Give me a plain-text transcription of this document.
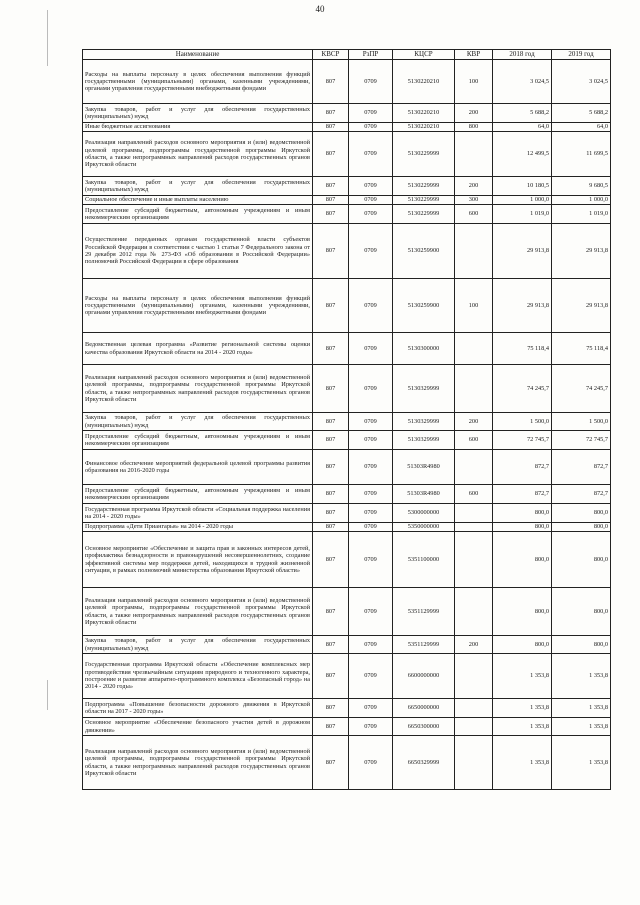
40
Наименование	КВСР	РзПР	КЦСР	КВР	2018 год	2019 год
Расходы на выплаты персоналу в целях обеспечения выполнения функций государственными (муниципальными) органами, казенными учреждениями, органами управления государственными внебюджетными фондами	807	0709	5130220210	100	3 024,5	3 024,5
Закупка товаров, работ и услуг для обеспечения государственных (муниципальных) нужд	807	0709	5130220210	200	5 688,2	5 688,2
Иные бюджетные ассигнования	807	0709	5130220210	800	64,0	64,0
Реализация направлений расходов основного мероприятия и (или) ведомственной целевой программы, подпрограммы государственной программы Иркутской области, а также непрограммных направлений расходов государственных органов Иркутской области	807	0709	5130229999		12 499,5	11 699,5
Закупка товаров, работ и услуг для обеспечения государственных (муниципальных) нужд	807	0709	5130229999	200	10 180,5	9 680,5
Социальное обеспечение и иные выплаты населению	807	0709	5130229999	300	1 000,0	1 000,0
Предоставление субсидий бюджетным, автономным учреждениям и иным некоммерческим организациям	807	0709	5130229999	600	1 019,0	1 019,0
Осуществление переданных органам государственной власти субъектов Российской Федерации в соответствии с частью 1 статьи 7 Федерального закона от 29 декабря 2012 года № 273-ФЗ «Об образовании в Российской Федерации» полномочий Российской Федерации в сфере образования	807	0709	5130259900		29 913,8	29 913,8
Расходы на выплаты персоналу в целях обеспечения выполнения функций государственными (муниципальными) органами, казенными учреждениями, органами управления государственными внебюджетными фондами	807	0709	5130259900	100	29 913,8	29 913,8
Ведомственная целевая программа «Развитие региональной системы оценки качества образования Иркутской области на 2014 - 2020 годы»	807	0709	5130300000		75 118,4	75 118,4
Реализация направлений расходов основного мероприятия и (или) ведомственной целевой программы, подпрограммы государственной программы Иркутской области, а также непрограммных направлений расходов государственных органов Иркутской области	807	0709	5130329999		74 245,7	74 245,7
Закупка товаров, работ и услуг для обеспечения государственных (муниципальных) нужд	807	0709	5130329999	200	1 500,0	1 500,0
Предоставление субсидий бюджетным, автономным учреждениям и иным некоммерческим организациям	807	0709	5130329999	600	72 745,7	72 745,7
Финансовое обеспечение мероприятий федеральной целевой программы развития образования на 2016-2020 годы	807	0709	51303R4980		872,7	872,7
Предоставление субсидий бюджетным, автономным учреждениям и иным некоммерческим организациям	807	0709	51303R4980	600	872,7	872,7
Государственная программа Иркутской области «Социальная поддержка населения на 2014 - 2020 годы»	807	0709	5300000000		800,0	800,0
Подпрограмма «Дети Приангарья» на 2014 - 2020 годы	807	0709	5350000000		800,0	800,0
Основное мероприятие «Обеспечение и защита прав и законных интересов детей, профилактика безнадзорности и правонарушений несовершеннолетних, создание эффективной системы мер поддержки детей, находящихся в трудной жизненной ситуации, в рамках полномочий министерства образования Иркутской области»	807	0709	5351100000		800,0	800,0
Реализация направлений расходов основного мероприятия и (или) ведомственной целевой программы, подпрограммы государственной программы Иркутской области, а также непрограммных направлений расходов государственных органов Иркутской области	807	0709	5351129999		800,0	800,0
Закупка товаров, работ и услуг для обеспечения государственных (муниципальных) нужд	807	0709	5351129999	200	800,0	800,0
Государственная программа Иркутской области «Обеспечение комплексных мер противодействия чрезвычайным ситуациям природного и техногенного характера, построение и развитие аппаратно-программного комплекса «Безопасный город» на 2014 - 2020 годы»	807	0709	6600000000		1 353,8	1 353,8
Подпрограмма «Повышение безопасности дорожного движения в Иркутской области на 2017 - 2020 годы»	807	0709	6650000000		1 353,8	1 353,8
Основное мероприятие «Обеспечение безопасного участия детей в дорожном движении»	807	0709	6650300000		1 353,8	1 353,8
Реализация направлений расходов основного мероприятия и (или) ведомственной целевой программы, подпрограммы государственной программы Иркутской области, а также непрограммных направлений расходов государственных органов Иркутской области	807	0709	6650329999		1 353,8	1 353,8
